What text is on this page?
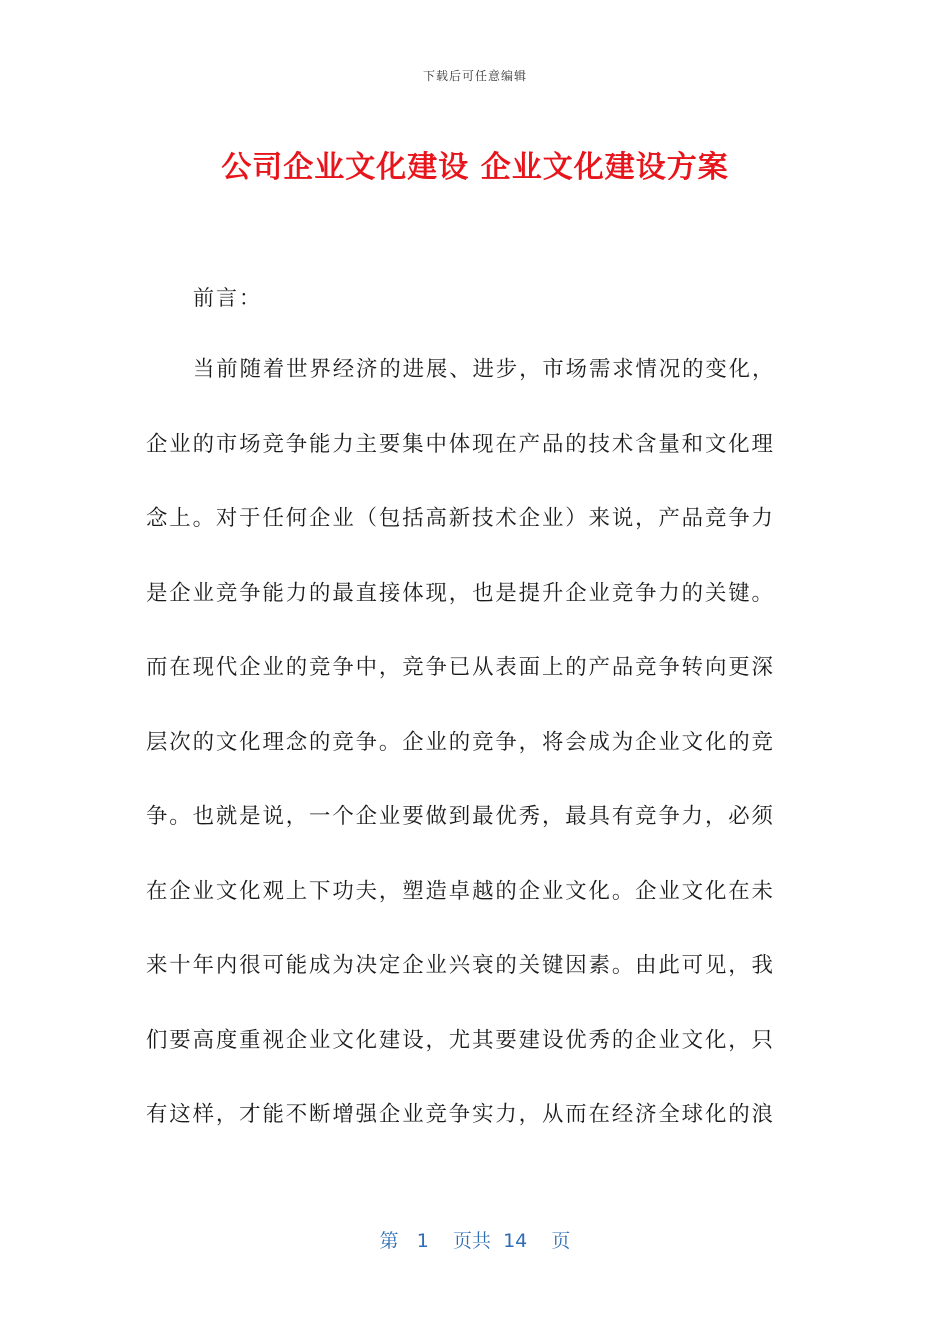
下载后可任意编辑
公司企业文化建设 企业文化建设方案
前言：
当前随着世界经济的进展、进步，市场需求情况的变化，
企业的市场竞争能力主要集中体现在产品的技术含量和文化理
念上。对于任何企业（包括高新技术企业）来说，产品竞争力
是企业竞争能力的最直接体现，也是提升企业竞争力的关键。
而在现代企业的竞争中，竞争已从表面上的产品竞争转向更深
层次的文化理念的竞争。企业的竞争，将会成为企业文化的竞
争。也就是说，一个企业要做到最优秀，最具有竞争力，必须
在企业文化观上下功夫，塑造卓越的企业文化。企业文化在未
来十年内很可能成为决定企业兴衰的关键因素。由此可见，我
们要高度重视企业文化建设，尤其要建设优秀的企业文化，只
有这样，才能不断增强企业竞争实力，从而在经济全球化的浪
第 1 页共 14 页
